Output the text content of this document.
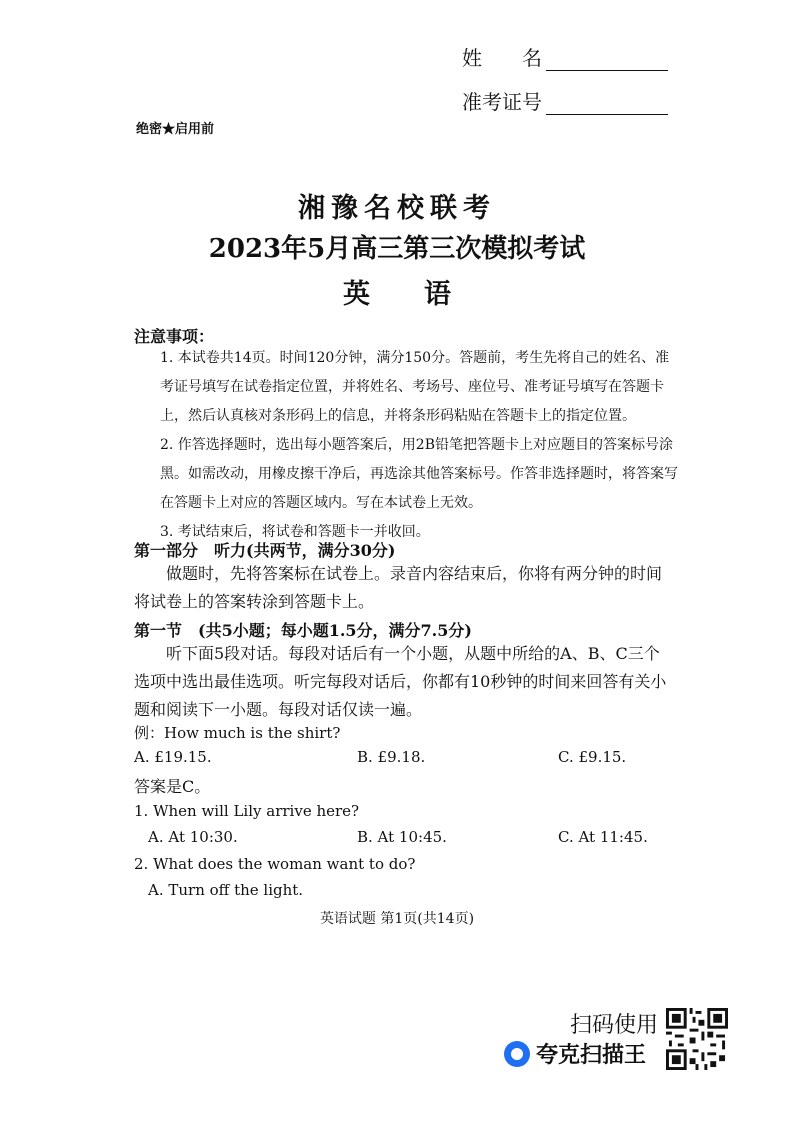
姓　　名
准考证号
绝密★启用前
湘豫名校联考
2023年5月高三第三次模拟考试
英　　语
注意事项：

1. 本试卷共14页。时间120分钟，满分150分。答题前，考生先将自己的姓名、准考证号填写在试卷指定位置，并将姓名、考场号、座位号、准考证号填写在答题卡上，然后认真核对条形码上的信息，并将条形码粘贴在答题卡上的指定位置。

2. 作答选择题时，选出每小题答案后，用2B铅笔把答题卡上对应题目的答案标号涂黑。如需改动，用橡皮擦干净后，再选涂其他答案标号。作答非选择题时，将答案写在答题卡上对应的答题区域内。写在本试卷上无效。

3. 考试结束后，将试卷和答题卡一并收回。

第一部分　听力(共两节，满分30分)
做题时，先将答案标在试卷上。录音内容结束后，你将有两分钟的时间将试卷上的答案转涂到答题卡上。
第一节　(共5小题；每小题1.5分，满分7.5分)
听下面5段对话。每段对话后有一个小题，从题中所给的A、B、C三个选项中选出最佳选项。听完每段对话后，你都有10秒钟的时间来回答有关小题和阅读下一小题。每段对话仅读一遍。
例：How much is the shirt?
A. £19.15.	B. £9.18.	C. £9.15.
答案是C。
1. When will Lily arrive here?
A. At 10:30.	B. At 10:45.	C. At 11:45.
2. What does the woman want to do?
A. Turn off the light.
英语试题 第1页(共14页)
扫码使用
夸克扫描王
